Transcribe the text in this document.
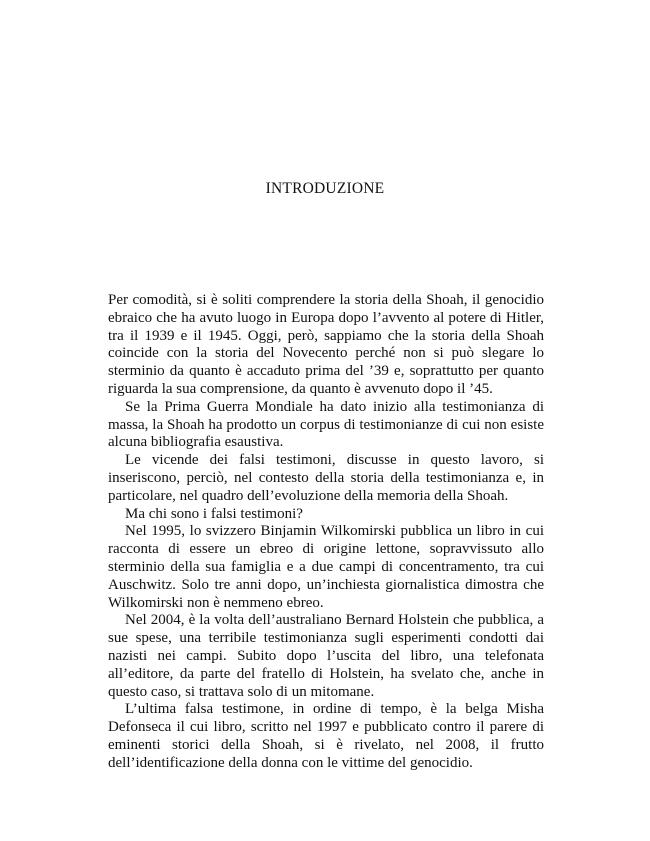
INTRODUZIONE

Per comodità, si è soliti comprendere la storia della Shoah, il genocidio ebraico che ha avuto luogo in Europa dopo l’avvento al potere di Hitler, tra il 1939 e il 1945. Oggi, però, sappiamo che la storia della Shoah coincide con la storia del Novecento perché non si può slegare lo sterminio da quanto è accaduto prima del ’39 e, soprattutto per quanto riguarda la sua comprensione, da quanto è avvenuto dopo il ’45.

Se la Prima Guerra Mondiale ha dato inizio alla testimonianza di massa, la Shoah ha prodotto un corpus di testimonianze di cui non esiste alcuna bibliografia esaustiva.

Le vicende dei falsi testimoni, discusse in questo lavoro, si inseriscono, perciò, nel contesto della storia della testimonianza e, in particolare, nel quadro dell’evoluzione della memoria della Shoah.

Ma chi sono i falsi testimoni?

Nel 1995, lo svizzero Binjamin Wilkomirski pubblica un libro in cui racconta di essere un ebreo di origine lettone, sopravvissuto allo sterminio della sua famiglia e a due campi di concentramento, tra cui Auschwitz. Solo tre anni dopo, un’inchiesta giornalistica dimostra che Wilkomirski non è nemmeno ebreo.

Nel 2004, è la volta dell’australiano Bernard Holstein che pubblica, a sue spese, una terribile testimonianza sugli esperimenti condotti dai nazisti nei campi. Subito dopo l’uscita del libro, una telefonata all’editore, da parte del fratello di Holstein, ha svelato che, anche in questo caso, si trattava solo di un mitomane.

L’ultima falsa testimone, in ordine di tempo, è la belga Misha Defonseca il cui libro, scritto nel 1997 e pubblicato contro il parere di eminenti storici della Shoah, si è rivelato, nel 2008, il frutto dell’identificazione della donna con le vittime del genocidio.
